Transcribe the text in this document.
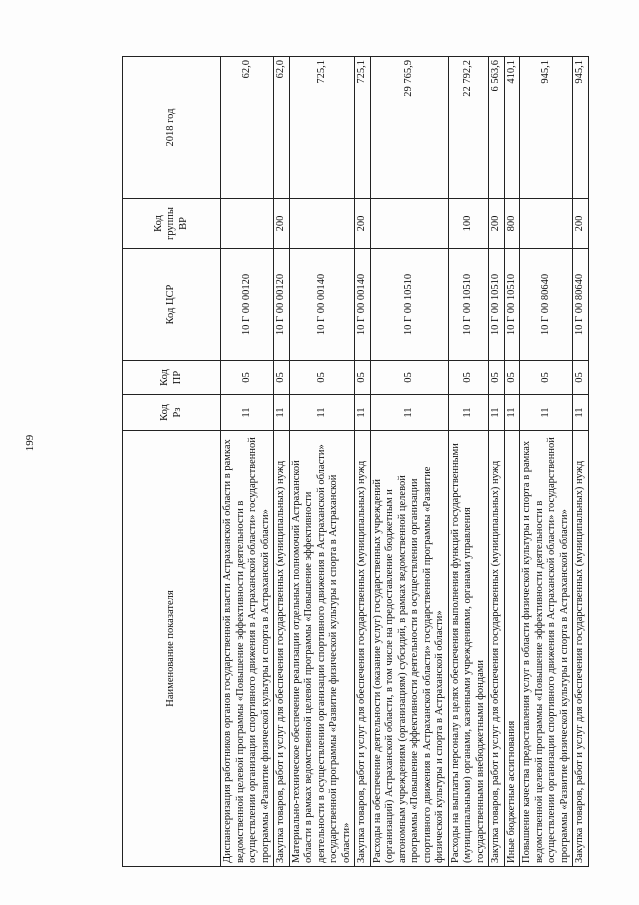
199
Наименование показателя	Код Рз	Код ПР	Код ЦСР	Код группы ВР	2018 год
Диспансеризация работников органов государственной власти Астраханской области в рамках ведомственной целевой программы «Повышение эффективности деятельности в осуществлении организации спортивного движения в Астраханской области» государственной программы «Развитие физической культуры и спорта в Астраханской области»	11	05	10 Г 00 00120		62,0
Закупка товаров, работ и услуг для обеспечения государственных (муниципальных) нужд	11	05	10 Г 00 00120	200	62,0
Материально-техническое обеспечение реализации отдельных полномочий Астраханской области в рамках ведомственной целевой программы «Повышение эффективности деятельности в осуществлении организации спортивного движения в Астраханской области» государственной программы «Развитие физической культуры и спорта в Астраханской области»	11	05	10 Г 00 00140		725,1
Закупка товаров, работ и услуг для обеспечения государственных (муниципальных) нужд	11	05	10 Г 00 00140	200	725,1
Расходы на обеспечение деятельности (оказание услуг) государственных учреждений (организаций) Астраханской области, в том числе на предоставление бюджетным и автономным учреждениям (организациям) субсидий, в рамках ведомственной целевой программы «Повышение эффективности деятельности в осуществлении организации спортивного движения в Астраханской области» государственной программы «Развитие физической культуры и спорта в Астраханской области»	11	05	10 Г 00 10510		29 765,9
Расходы на выплаты персоналу в целях обеспечения выполнения функций государственными (муниципальными) органами, казенными учреждениями, органами управления государственными внебюджетными фондами	11	05	10 Г 00 10510	100	22 792,2
Закупка товаров, работ и услуг для обеспечения государственных (муниципальных) нужд	11	05	10 Г 00 10510	200	6 563,6
Иные бюджетные ассигнования	11	05	10 Г 00 10510	800	410,1
Повышение качества предоставления услуг в области физической культуры и спорта в рамках ведомственной целевой программы «Повышение эффективности деятельности в осуществлении организации спортивного движения в Астраханской области» государственной программы «Развитие физической культуры и спорта в Астраханской области»	11	05	10 Г 00 80640		945,1
Закупка товаров, работ и услуг для обеспечения государственных (муниципальных) нужд	11	05	10 Г 00 80640	200	945,1
